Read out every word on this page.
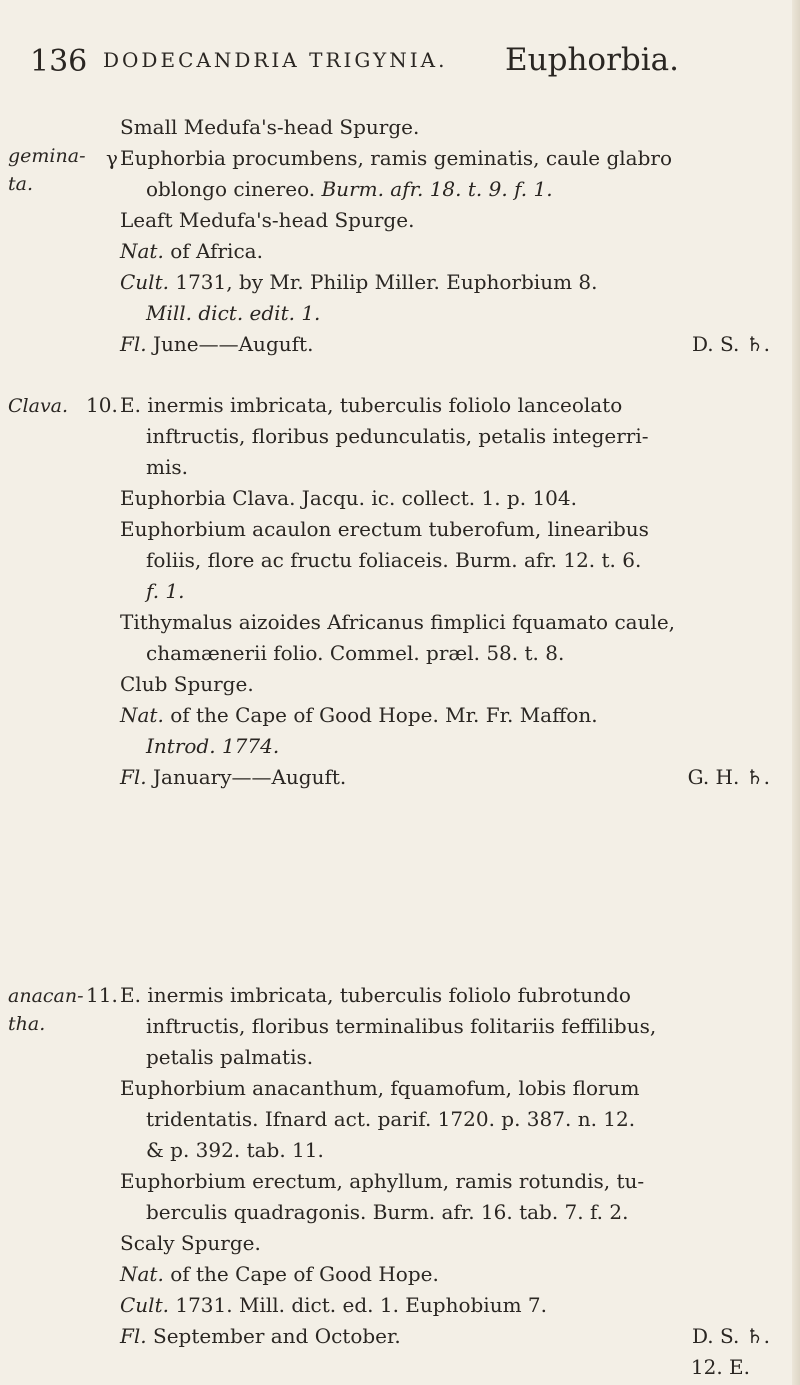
136 DODECANDRIA TRIGYNIA. Euphorbia.
Small Medufa's-head Spurge.
γ Euphorbia procumbens, ramis geminatis, caule glabro
oblongo cinereo. Burm. afr. 18. t. 9. f. 1.
Leaft Medufa's-head Spurge.
Nat. of Africa.
Cult. 1731, by Mr. Philip Miller. Euphorbium 8.
Mill. dict. edit. 1.
Fl. June——Auguft.	D. S. ♄.
gemina-
ta.
10. E. inermis imbricata, tuberculis foliolo lanceolato
inftructis, floribus pedunculatis, petalis integerri-
mis.
Euphorbia Clava. Jacqu. ic. collect. 1. p. 104.
Euphorbium acaulon erectum tuberofum, linearibus
foliis, flore ac fructu foliaceis. Burm. afr. 12. t. 6.
f. 1.
Tithymalus aizoides Africanus fimplici fquamato caule,
chamænerii folio. Commel. præl. 58. t. 8.
Club Spurge.
Nat. of the Cape of Good Hope. Mr. Fr. Maffon.
Introd. 1774.
Fl. January——Auguft.	G. H. ♄.
Clava.
11. E. inermis imbricata, tuberculis foliolo fubrotundo
inftructis, floribus terminalibus folitariis feffilibus,
petalis palmatis.
Euphorbium anacanthum, fquamofum, lobis florum
tridentatis. Ifnard act. parif. 1720. p. 387. n. 12.
& p. 392. tab. 11.
Euphorbium erectum, aphyllum, ramis rotundis, tu-
berculis quadragonis. Burm. afr. 16. tab. 7. f. 2.
Scaly Spurge.
Nat. of the Cape of Good Hope.
Cult. 1731. Mill. dict. ed. 1. Euphobium 7.
Fl. September and October.	D. S. ♄.
12. E.
anacan-
tha.
